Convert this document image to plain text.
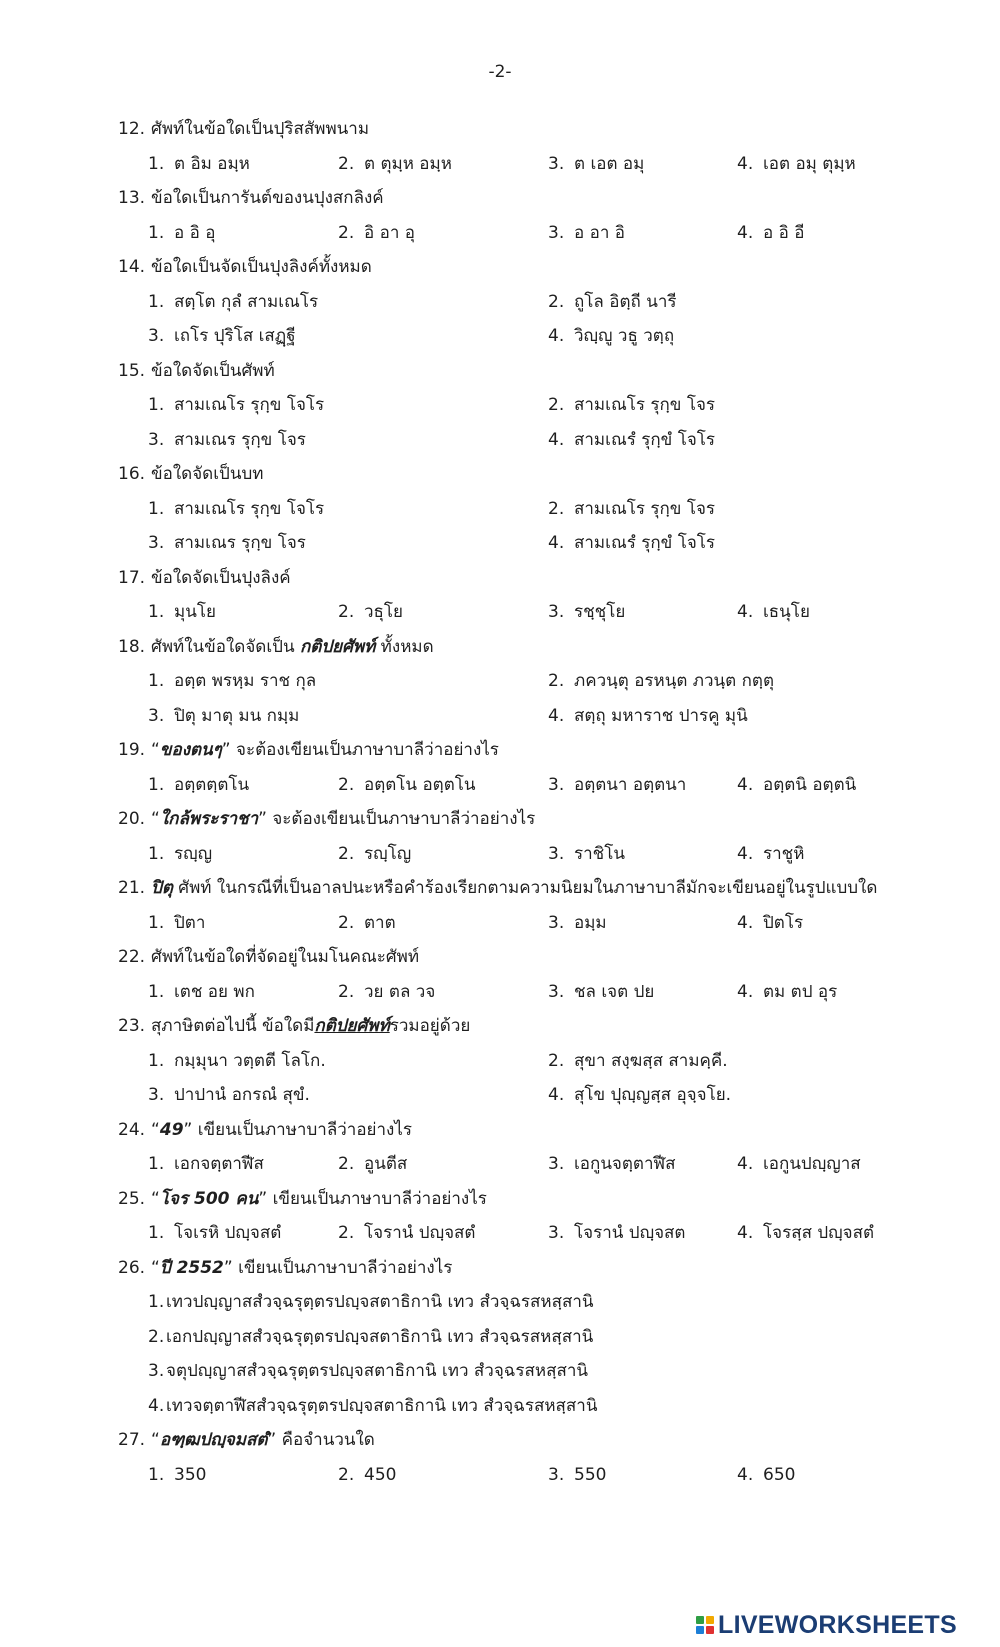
-2-
12. ศัพท์ในข้อใดเป็นปุริสสัพพนาม
1. ต อิม อมฺห	2. ต ตุมฺห อมฺห	3. ต เอต อมุ	4. เอต อมุ ตุมฺห
13. ข้อใดเป็นการันต์ของนปุงสกลิงค์
1. อ อิ อุ	2. อิ อา อุ	3. อ อา อิ	4. อ อิ อี
14. ข้อใดเป็นจัดเป็นปุงลิงค์ทั้งหมด
1. สตฺโต กุลํ สามเณโร	2. ถูโล อิตฺถี นารี
3. เถโร ปุริโส เสฏฺฐี	4. วิญฺญู วธู วตฺถุ
15. ข้อใดจัดเป็นศัพท์
1. สามเณโร รุกฺข โจโร	2. สามเณโร รุกฺข โจร
3. สามเณร รุกฺข โจร	4. สามเณรํ รุกฺขํ โจโร
16. ข้อใดจัดเป็นบท
1. สามเณโร รุกฺข โจโร	2. สามเณโร รุกฺข โจร
3. สามเณร รุกฺข โจร	4. สามเณรํ รุกฺขํ โจโร
17. ข้อใดจัดเป็นปุงลิงค์
1. มุนโย	2. วธุโย	3. รชฺชุโย	4. เธนุโย
18. ศัพท์ในข้อใดจัดเป็น กติปยศัพท์ ทั้งหมด
1. อตฺต พรหฺม ราช กุล	2. ภควนฺตุ อรหนฺต ภวนฺต กตฺตุ
3. ปิตุ มาตุ มน กมฺม	4. สตฺถุ มหาราช ปารคู มุนิ
19. “ของตนๆ” จะต้องเขียนเป็นภาษาบาลีว่าอย่างไร
1. อตฺตตฺตโน	2. อตฺตโน อตฺตโน	3. อตฺตนา อตฺตนา	4. อตฺตนิ อตฺตนิ
20. “ใกล้พระราชา” จะต้องเขียนเป็นภาษาบาลีว่าอย่างไร
1. รญฺญ	2. รญฺโญ	3. ราชิโน	4. ราชูหิ
21. ปิตุ ศัพท์ ในกรณีที่เป็นอาลปนะหรือคำร้องเรียกตามความนิยมในภาษาบาลีมักจะเขียนอยู่ในรูปแบบใด
1. ปิตา	2. ตาต	3. อมฺม	4. ปิตโร
22. ศัพท์ในข้อใดที่จัดอยู่ในมโนคณะศัพท์
1. เตช อย พก	2. วย ตล วจ	3. ชล เจต ปย	4. ตม ตป อุร
23. สุภาษิตต่อไปนี้ ข้อใดมีกติปยศัพท์รวมอยู่ด้วย
1. กมฺมุนา วตฺตตี โลโก.	2. สุขา สงฺฆสฺส สามคฺคี.
3. ปาปานํ อกรณํ สุขํ.	4. สุโข ปุญฺญสฺส อุจฺจโย.
24. “49” เขียนเป็นภาษาบาลีว่าอย่างไร
1. เอกจตฺตาฬีส	2. อูนตีส	3. เอกูนจตฺตาฬีส	4. เอกูนปญฺญาส
25. “โจร 500 คน” เขียนเป็นภาษาบาลีว่าอย่างไร
1. โจเรหิ ปญฺจสตํ	2. โจรานํ ปญฺจสตํ	3. โจรานํ ปญฺจสต	4. โจรสฺส ปญฺจสตํ
26. “ปี 2552” เขียนเป็นภาษาบาลีว่าอย่างไร
1. เทวปญฺญาสสํวจฺฉรุตฺตรปญฺจสตาธิกานิ เทว สํวจฺฉรสหสฺสานิ
2. เอกปญฺญาสสํวจฺฉรุตฺตรปญฺจสตาธิกานิ เทว สํวจฺฉรสหสฺสานิ
3. จตุปญฺญาสสํวจฺฉรุตฺตรปญฺจสตาธิกานิ เทว สํวจฺฉรสหสฺสานิ
4. เทวจตฺตาฬีสสํวจฺฉรุตฺตรปญฺจสตาธิกานิ เทว สํวจฺฉรสหสฺสานิ
27. “อฑฺฒปญฺจมสตํ” คือจำนวนใด
1. 350	2. 450	3. 550	4. 650
LIVEWORKSHEETS
